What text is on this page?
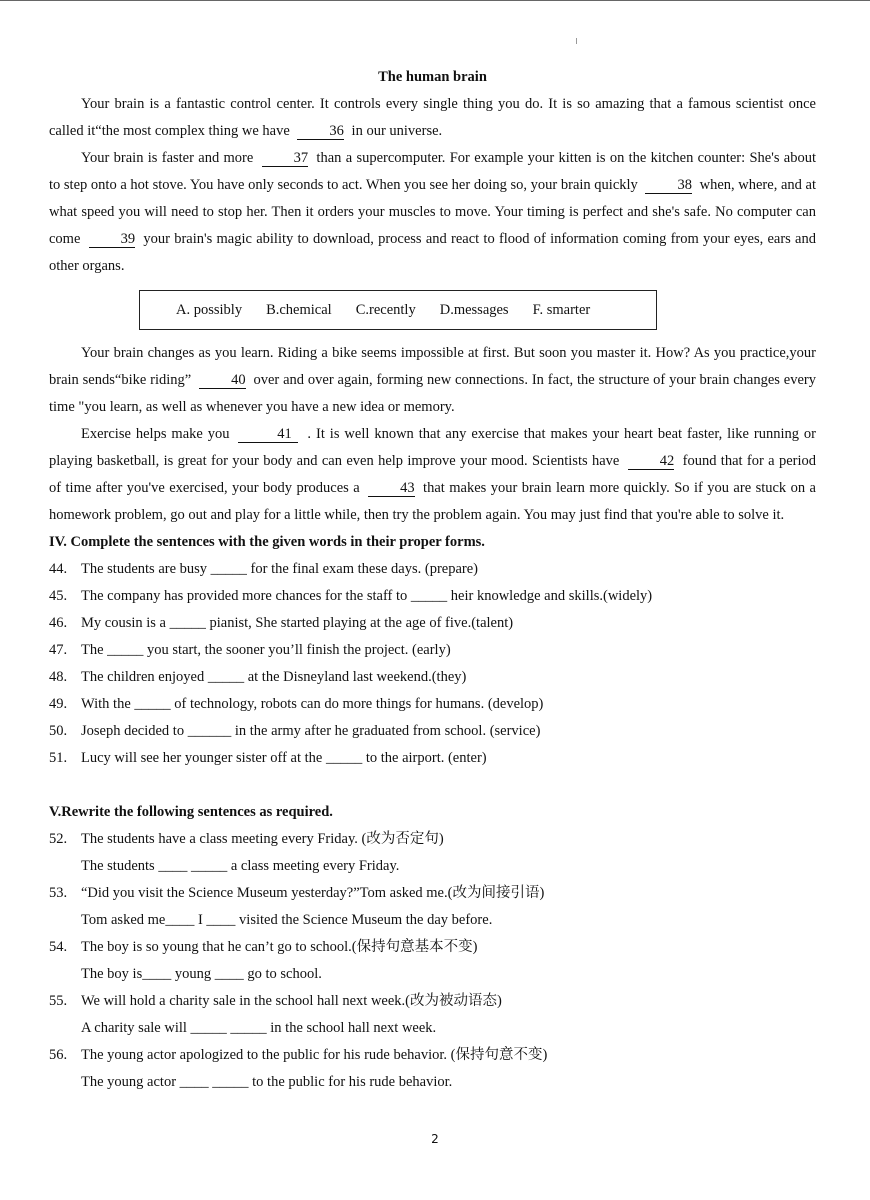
The human brain

Your brain is a fantastic control center. It controls every single thing you do. It is so amazing that a famous scientist once called it“the most complex thing we have	36 in our universe.

Your brain is faster and more	37 than a supercomputer. For example your kitten is on the kitchen counter: She's about to step onto a hot stove. You have only seconds to act. When you see her doing so, your brain quickly	38 when, where, and at what speed you will need to stop her. Then it orders your muscles to move. Your timing is perfect and she's safe. No computer can come	39 your brain's magic ability to download, process and react to flood of information coming from your eyes, ears and other organs.

A. possibly B.chemical C.recently D.messages F. smarter

Your brain changes as you learn. Riding a bike seems impossible at first. But soon you master it. How? As you practice,your brain sends“bike riding”	40 over and over again, forming new connections. In fact, the structure of your brain changes every time "you learn, as well as whenever you have a new idea or memory.

Exercise helps make you	41 . It is well known that any exercise that makes your heart beat faster, like running or playing basketball, is great for your body and can even help improve your mood. Scientists have	42 found that for a period of time after you've exercised, your body produces a	43 that makes your brain learn more quickly. So if you are stuck on a homework problem, go out and play for a little while, then try the problem again. You may just find that you're able to solve it.

IV. Complete the sentences with the given words in their proper forms.

44. The students are busy _____ for the final exam these days. (prepare)
45. The company has provided more chances for the staff to _____ heir knowledge and skills.(widely)
46. My cousin is a _____ pianist, She started playing at the age of five.(talent)
47. The _____ you start, the sooner you’ll finish the project. (early)
48. The children enjoyed _____ at the Disneyland last weekend.(they)
49. With the _____ of technology, robots can do more things for humans. (develop)
50. Joseph decided to ______ in the army after he graduated from school. (service)
51. Lucy will see her younger sister off at the _____ to the airport. (enter)

V.Rewrite the following sentences as required.

52. The students have a class meeting every Friday. (改为否定句)
The students ____ _____ a class meeting every Friday.
53. “Did you visit the Science Museum yesterday?”Tom asked me.(改为间接引语)
Tom asked me____ I ____ visited the Science Museum the day before.
54. The boy is so young that he can’t go to school.(保持句意基本不变)
The boy is____ young ____ go to school.
55. We will hold a charity sale in the school hall next week.(改为被动语态)
A charity sale will _____ _____ in the school hall next week.
56. The young actor apologized to the public for his rude behavior. (保持句意不变)
The young actor ____ _____ to the public for his rude behavior.
2
